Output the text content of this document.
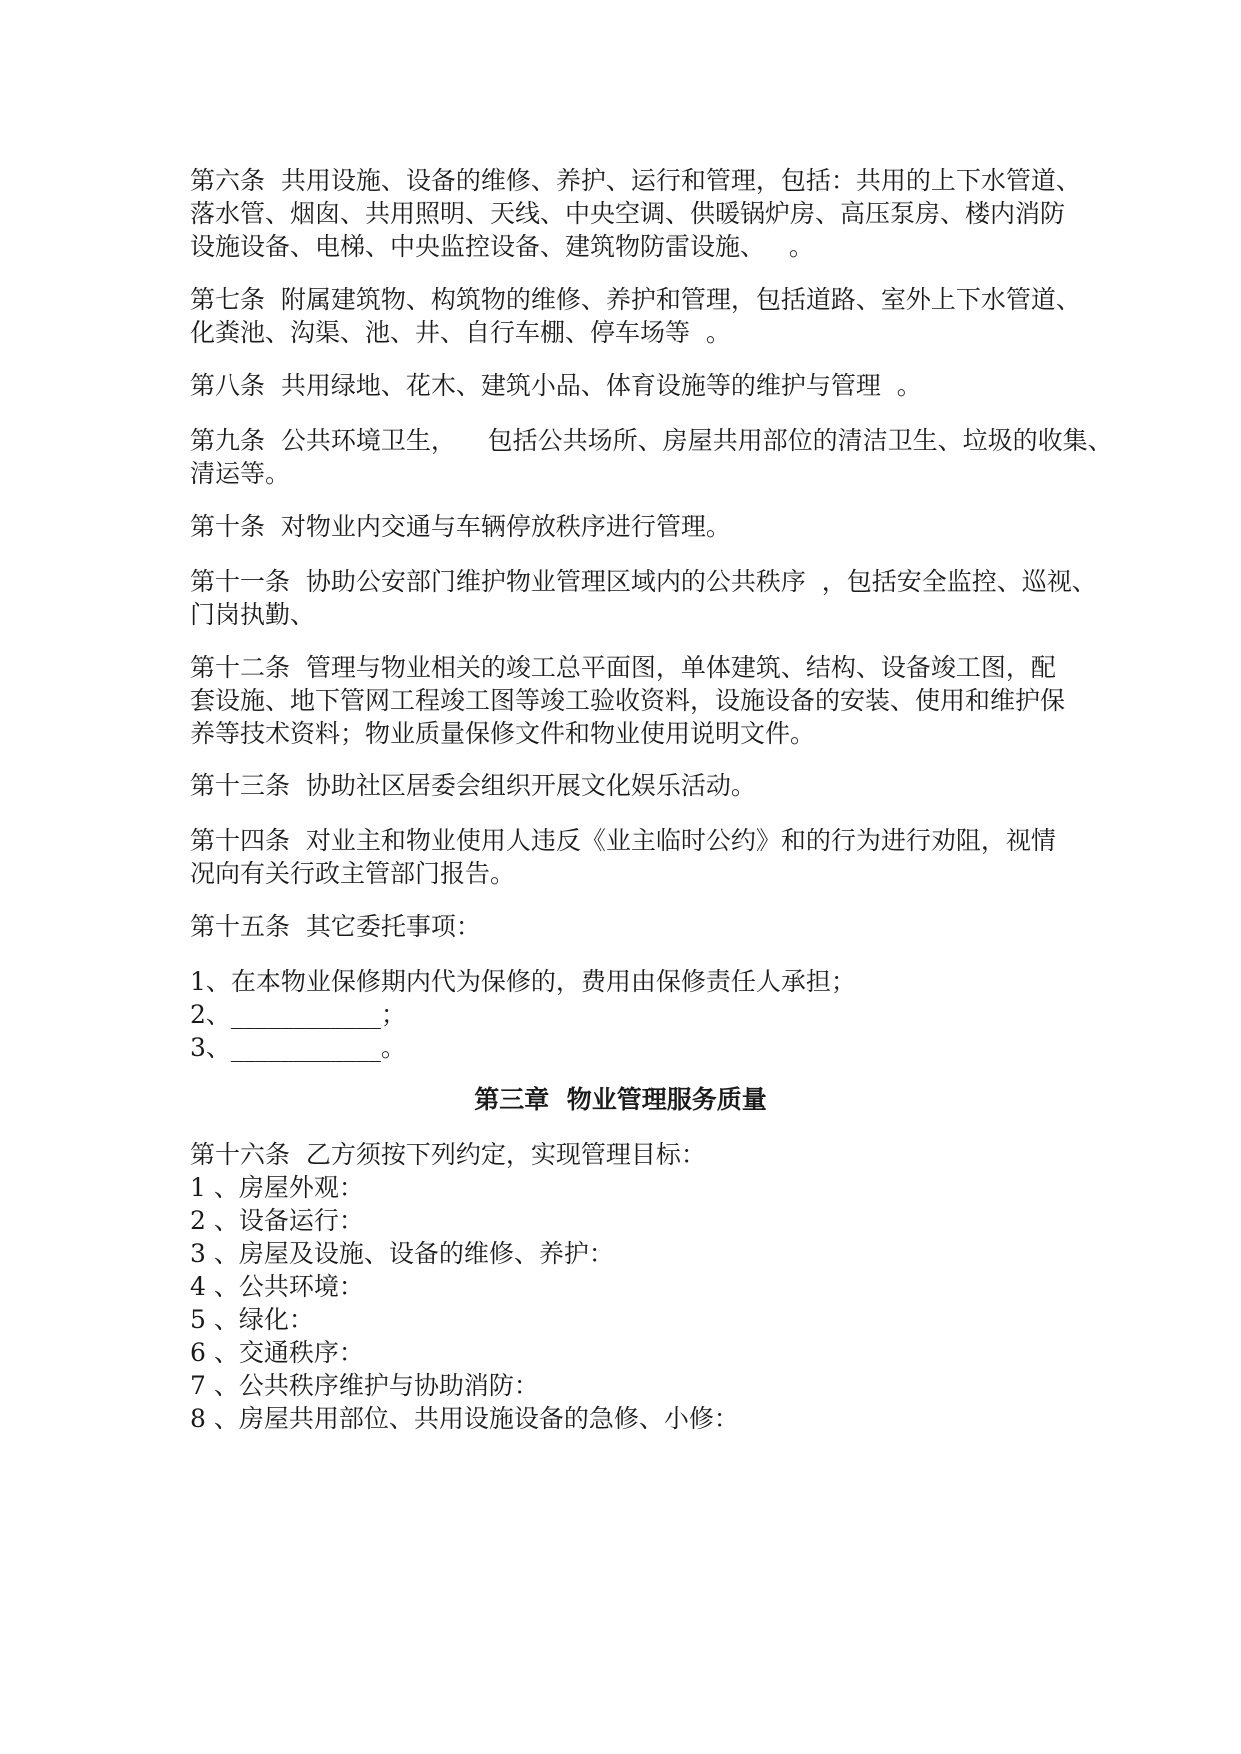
第六条  共用设施、设备的维修、养护、运行和管理，包括：共用的上下水管道、
落水管、烟囱、共用照明、天线、中央空调、供暖锅炉房、高压泵房、楼内消防
设施设备、电梯、中央监控设备、建筑物防雷设施、   。
第七条  附属建筑物、构筑物的维修、养护和管理，包括道路、室外上下水管道、
化粪池、沟渠、池、井、自行车棚、停车场等  。
第八条  共用绿地、花木、建筑小品、体育设施等的维护与管理  。
第九条  公共环境卫生，    包括公共场所、房屋共用部位的清洁卫生、垃圾的收集、
清运等。
第十条  对物业内交通与车辆停放秩序进行管理。
第十一条  协助公安部门维护物业管理区域内的公共秩序  ，包括安全监控、巡视、
门岗执勤、
第十二条  管理与物业相关的竣工总平面图，单体建筑、结构、设备竣工图，配
套设施、地下管网工程竣工图等竣工验收资料，设施设备的安装、使用和维护保
养等技术资料；物业质量保修文件和物业使用说明文件。
第十三条  协助社区居委会组织开展文化娱乐活动。
第十四条  对业主和物业使用人违反《业主临时公约》和的行为进行劝阻，视情
况向有关行政主管部门报告。
第十五条  其它委托事项：
1、在本物业保修期内代为保修的，费用由保修责任人承担；
2、____________；
3、____________。
第三章  物业管理服务质量
第十六条  乙方须按下列约定，实现管理目标：
1 、房屋外观：
2 、设备运行：
3 、房屋及设施、设备的维修、养护：
4 、公共环境：
5 、绿化：
6 、交通秩序：
7 、公共秩序维护与协助消防：
8 、房屋共用部位、共用设施设备的急修、小修：
